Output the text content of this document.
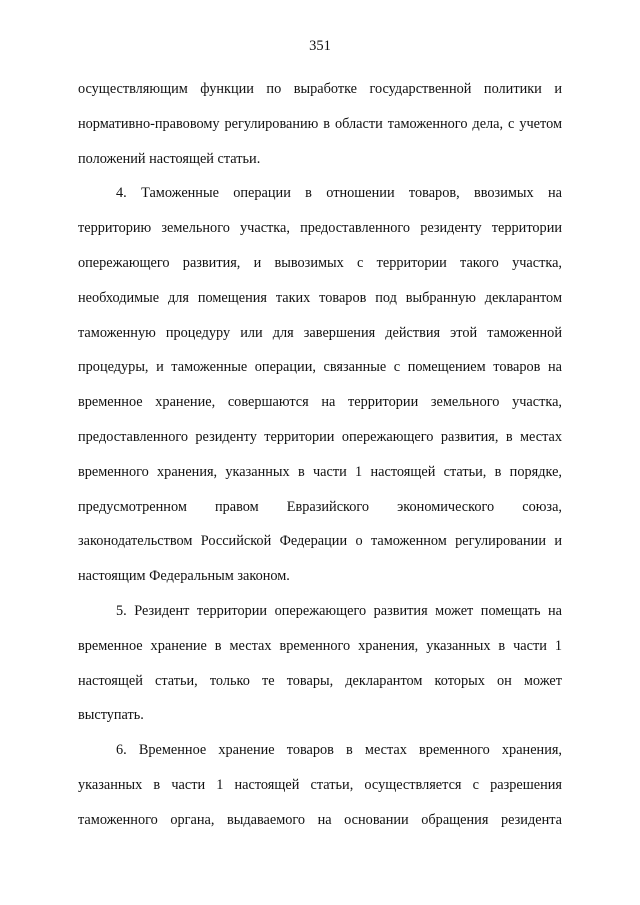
351

осуществляющим функции по выработке государственной политики и нормативно-правовому регулированию в области таможенного дела, с учетом положений настоящей статьи.

4. Таможенные операции в отношении товаров, ввозимых на территорию земельного участка, предоставленного резиденту территории опережающего развития, и вывозимых с территории такого участка, необходимые для помещения таких товаров под выбранную декларантом таможенную процедуру или для завершения действия этой таможенной процедуры, и таможенные операции, связанные с помещением товаров на временное хранение, совершаются на территории земельного участка, предоставленного резиденту территории опережающего развития, в местах временного хранения, указанных в части 1 настоящей статьи, в порядке, предусмотренном правом Евразийского экономического союза, законодательством Российской Федерации о таможенном регулировании и настоящим Федеральным законом.

5. Резидент территории опережающего развития может помещать на временное хранение в местах временного хранения, указанных в части 1 настоящей статьи, только те товары, декларантом которых он может выступать.

6. Временное хранение товаров в местах временного хранения, указанных в части 1 настоящей статьи, осуществляется с разрешения таможенного органа, выдаваемого на основании обращения резидента
